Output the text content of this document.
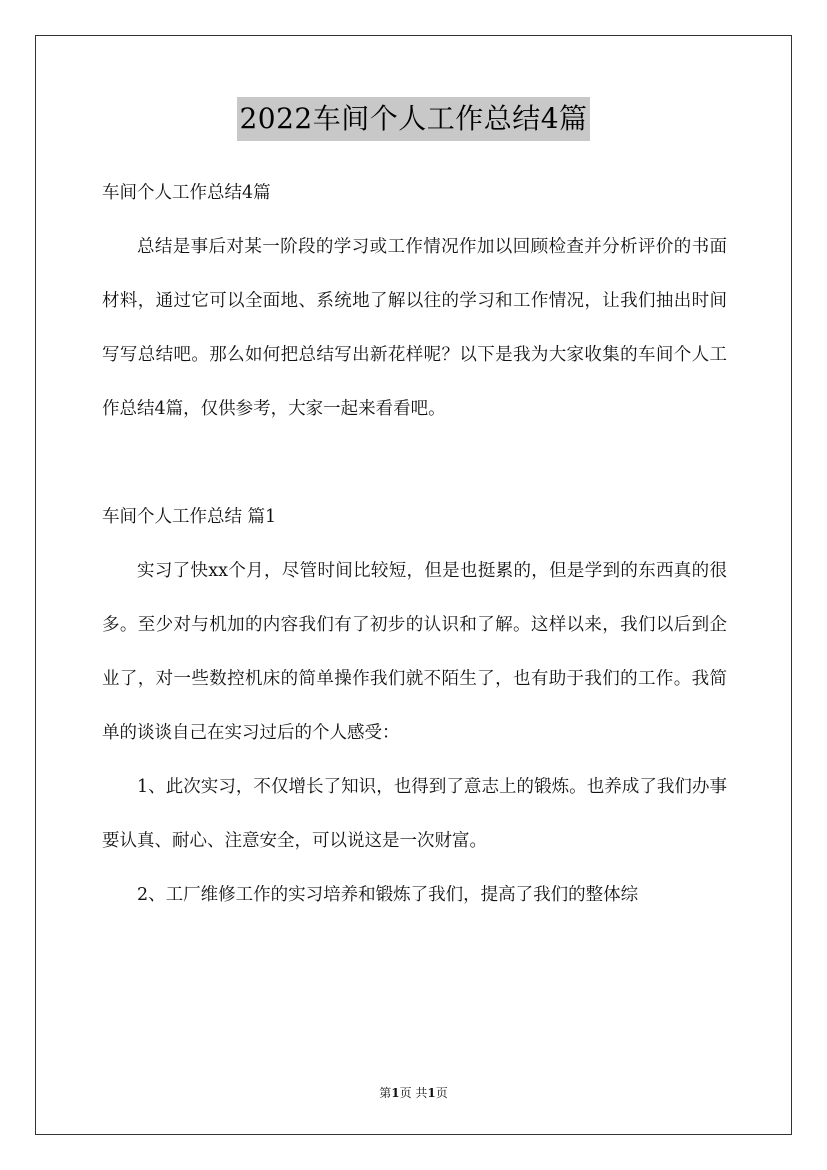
2022车间个人工作总结4篇

车间个人工作总结4篇

总结是事后对某一阶段的学习或工作情况作加以回顾检查并分析评价的书面材料，通过它可以全面地、系统地了解以往的学习和工作情况，让我们抽出时间写写总结吧。那么如何把总结写出新花样呢？以下是我为大家收集的车间个人工作总结4篇，仅供参考，大家一起来看看吧。

车间个人工作总结 篇1

实习了快xx个月，尽管时间比较短，但是也挺累的，但是学到的东西真的很多。至少对与机加的内容我们有了初步的认识和了解。这样以来，我们以后到企业了，对一些数控机床的简单操作我们就不陌生了，也有助于我们的工作。我简单的谈谈自己在实习过后的个人感受：

1、此次实习，不仅增长了知识，也得到了意志上的锻炼。也养成了我们办事要认真、耐心、注意安全，可以说这是一次财富。

2、工厂维修工作的实习培养和锻炼了我们，提高了我们的整体综

第1页 共1页
